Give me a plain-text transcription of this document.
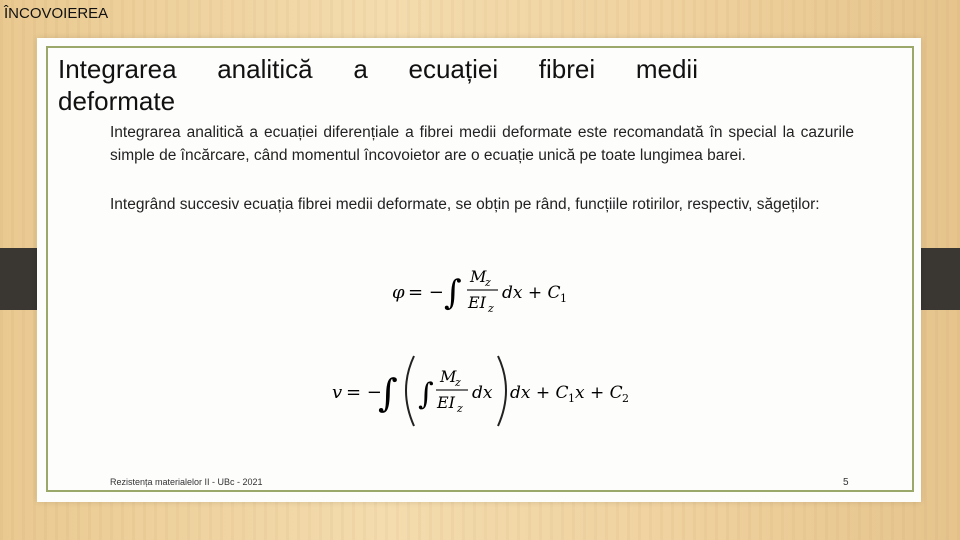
ÎNCOVOIEREA
Integrarea analitică a ecuației fibrei medii
deformate
Integrarea analitică a ecuației diferențiale a fibrei medii deformate este recomandată în special la cazurile simple de încărcare, când momentul încovoietor are o ecuație unică pe toate lungimea barei.
Integrând succesiv ecuația fibrei medii deformate, se obțin pe rând, funcțiile rotirilor, respectiv, săgeților:
φ = − ∫ M
z
EI z
dx + C 1
v = −
∫ ∫
M
z
EI z
dx dx + C 1 x + C 2
Rezistența materialelor II - UBc - 2021	5
